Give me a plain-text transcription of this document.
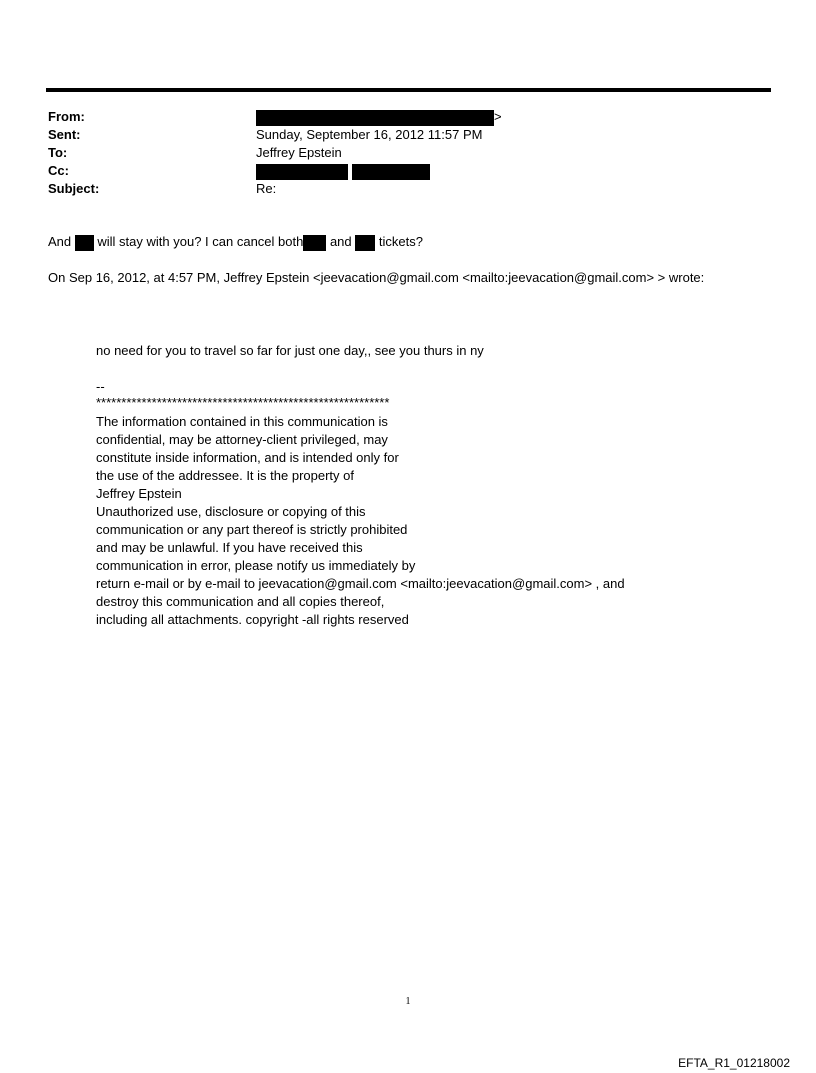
From:	>
Sent:	Sunday, September 16, 2012 11:57 PM
To:	Jeffrey Epstein
Cc:

Subject:	Re:
And will stay with you? I can cancel both and tickets?
On Sep 16, 2012, at 4:57 PM, Jeffrey Epstein <jeevacation@gmail.com <mailto:jeevacation@gmail.com> > wrote:
no need for you to travel so far for just one day,, see you thurs in ny
--
**********************************************************
The information contained in this communication is
confidential, may be attorney-client privileged, may
constitute inside information, and is intended only for
the use of the addressee. It is the property of
Jeffrey Epstein
Unauthorized use, disclosure or copying of this
communication or any part thereof is strictly prohibited
and may be unlawful. If you have received this
communication in error, please notify us immediately by
return e-mail or by e-mail to jeevacation@gmail.com <mailto:jeevacation@gmail.com> , and
destroy this communication and all copies thereof,
including all attachments. copyright -all rights reserved
1
EFTA_R1_01218002
